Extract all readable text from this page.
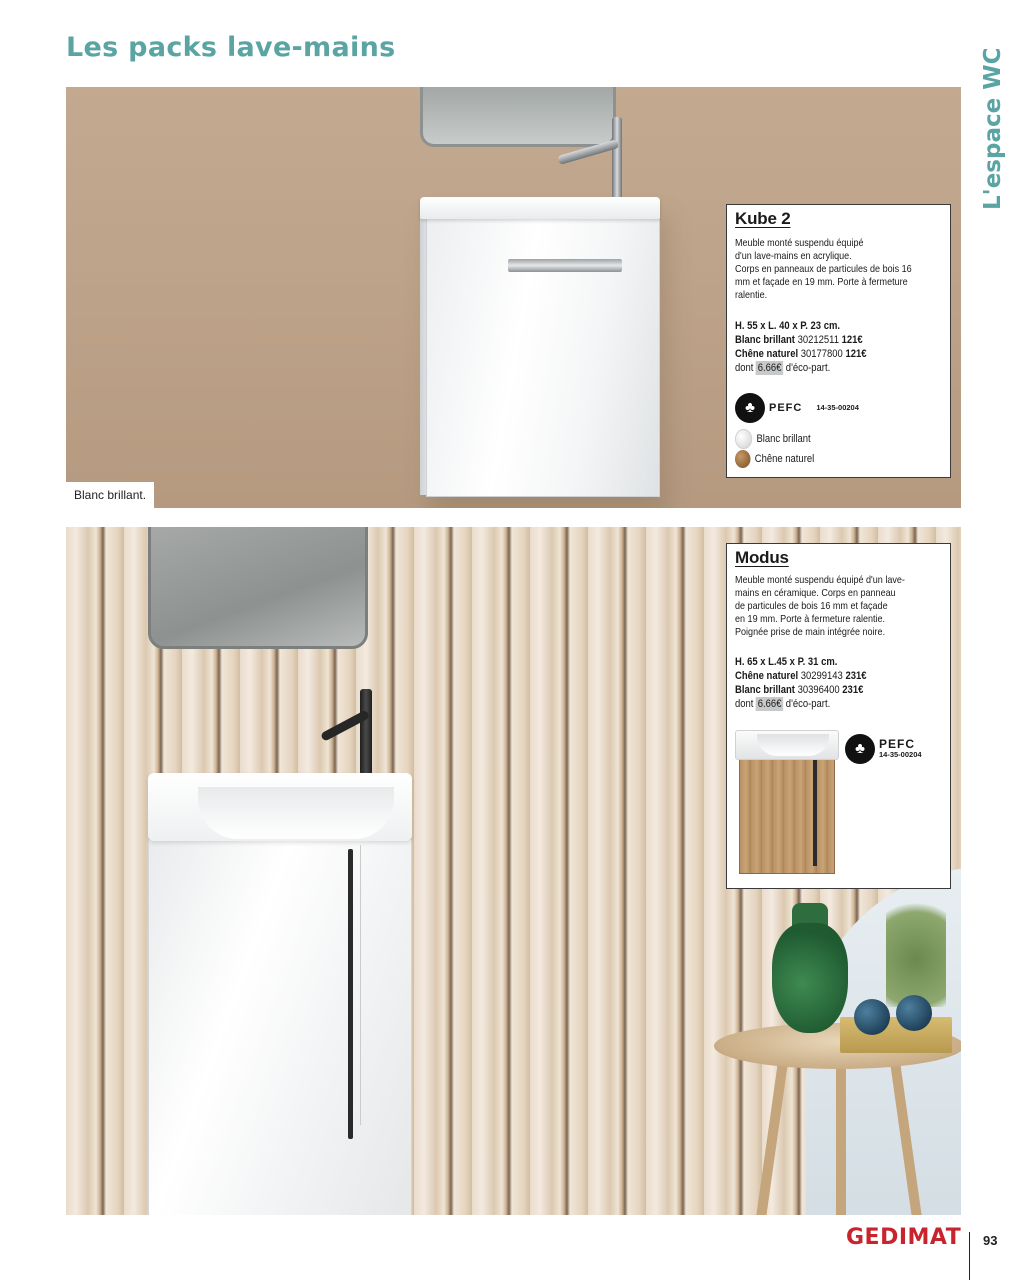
Les packs lave-mains
L'espace WC
Blanc brillant.
Kube 2
Meuble monté suspendu équipé
d'un lave-mains en acrylique.
Corps en panneaux de particules de bois 16
mm et façade en 19 mm. Porte à fermeture
ralentie.
H. 55 x L. 40 x P. 23 cm.
Blanc brillant 30212511 121€
Chêne naturel 30177800 121€
dont 6.66€ d'éco-part.
♣	PEFC 14-35-00204
Blanc brillant
Chêne naturel
Modus
Meuble monté suspendu équipé d'un lave-
mains en céramique. Corps en panneau
de particules de bois 16 mm et façade
en 19 mm. Porte à fermeture ralentie.
Poignée prise de main intégrée noire.
H. 65 x L.45 x P. 31 cm.
Chêne naturel 30299143 231€
Blanc brillant 30396400 231€
dont 6.66€ d'éco-part.
♣	PEFC
14-35-00204
GEDIMAT 93
